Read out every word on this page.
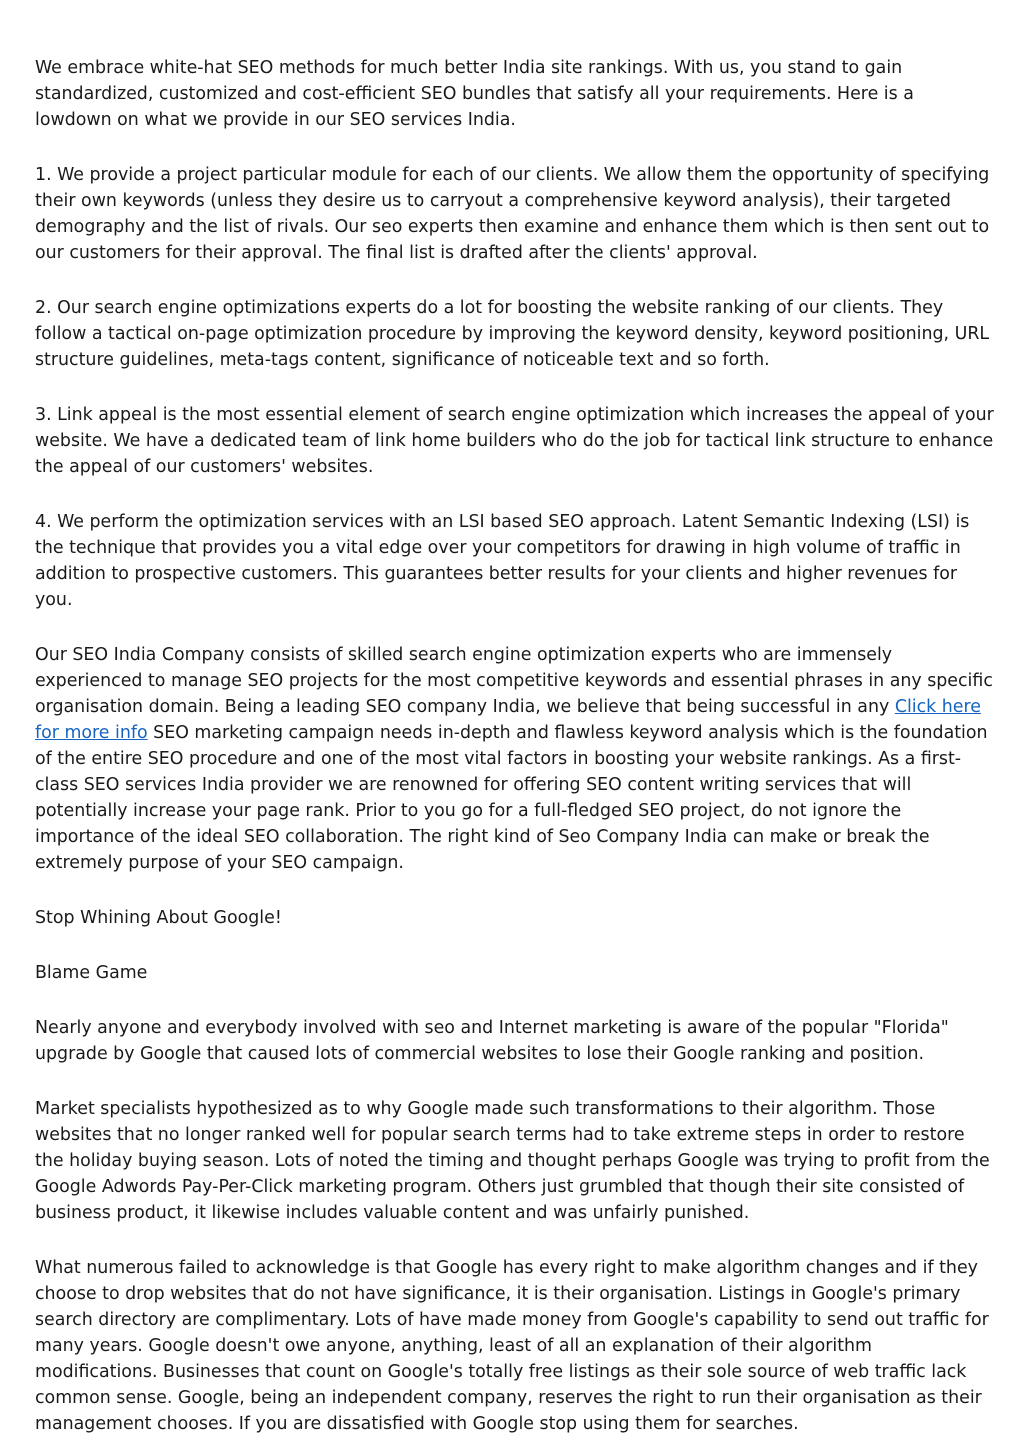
We embrace white-hat SEO methods for much better India site rankings. With us, you stand to gain standardized, customized and cost-efficient SEO bundles that satisfy all your requirements. Here is a lowdown on what we provide in our SEO services India.

1. We provide a project particular module for each of our clients. We allow them the opportunity of specifying their own keywords (unless they desire us to carryout a comprehensive keyword analysis), their targeted demography and the list of rivals. Our seo experts then examine and enhance them which is then sent out to our customers for their approval. The final list is drafted after the clients' approval.

2. Our search engine optimizations experts do a lot for boosting the website ranking of our clients. They follow a tactical on-page optimization procedure by improving the keyword density, keyword positioning, URL structure guidelines, meta-tags content, significance of noticeable text and so forth.

3. Link appeal is the most essential element of search engine optimization which increases the appeal of your website. We have a dedicated team of link home builders who do the job for tactical link structure to enhance the appeal of our customers' websites.

4. We perform the optimization services with an LSI based SEO approach. Latent Semantic Indexing (LSI) is the technique that provides you a vital edge over your competitors for drawing in high volume of traffic in addition to prospective customers. This guarantees better results for your clients and higher revenues for you.

Our SEO India Company consists of skilled search engine optimization experts who are immensely experienced to manage SEO projects for the most competitive keywords and essential phrases in any specific organisation domain. Being a leading SEO company India, we believe that being successful in any Click here for more info SEO marketing campaign needs in-depth and flawless keyword analysis which is the foundation of the entire SEO procedure and one of the most vital factors in boosting your website rankings. As a first-class SEO services India provider we are renowned for offering SEO content writing services that will potentially increase your page rank. Prior to you go for a full-fledged SEO project, do not ignore the importance of the ideal SEO collaboration. The right kind of Seo Company India can make or break the extremely purpose of your SEO campaign.

Stop Whining About Google!

Blame Game

Nearly anyone and everybody involved with seo and Internet marketing is aware of the popular "Florida" upgrade by Google that caused lots of commercial websites to lose their Google ranking and position.

Market specialists hypothesized as to why Google made such transformations to their algorithm. Those websites that no longer ranked well for popular search terms had to take extreme steps in order to restore the holiday buying season. Lots of noted the timing and thought perhaps Google was trying to profit from the Google Adwords Pay-Per-Click marketing program. Others just grumbled that though their site consisted of business product, it likewise includes valuable content and was unfairly punished.

What numerous failed to acknowledge is that Google has every right to make algorithm changes and if they choose to drop websites that do not have significance, it is their organisation. Listings in Google's primary search directory are complimentary. Lots of have made money from Google's capability to send out traffic for many years. Google doesn't owe anyone, anything, least of all an explanation of their algorithm modifications. Businesses that count on Google's totally free listings as their sole source of web traffic lack common sense. Google, being an independent company, reserves the right to run their organisation as their management chooses. If you are dissatisfied with Google stop using them for searches.
